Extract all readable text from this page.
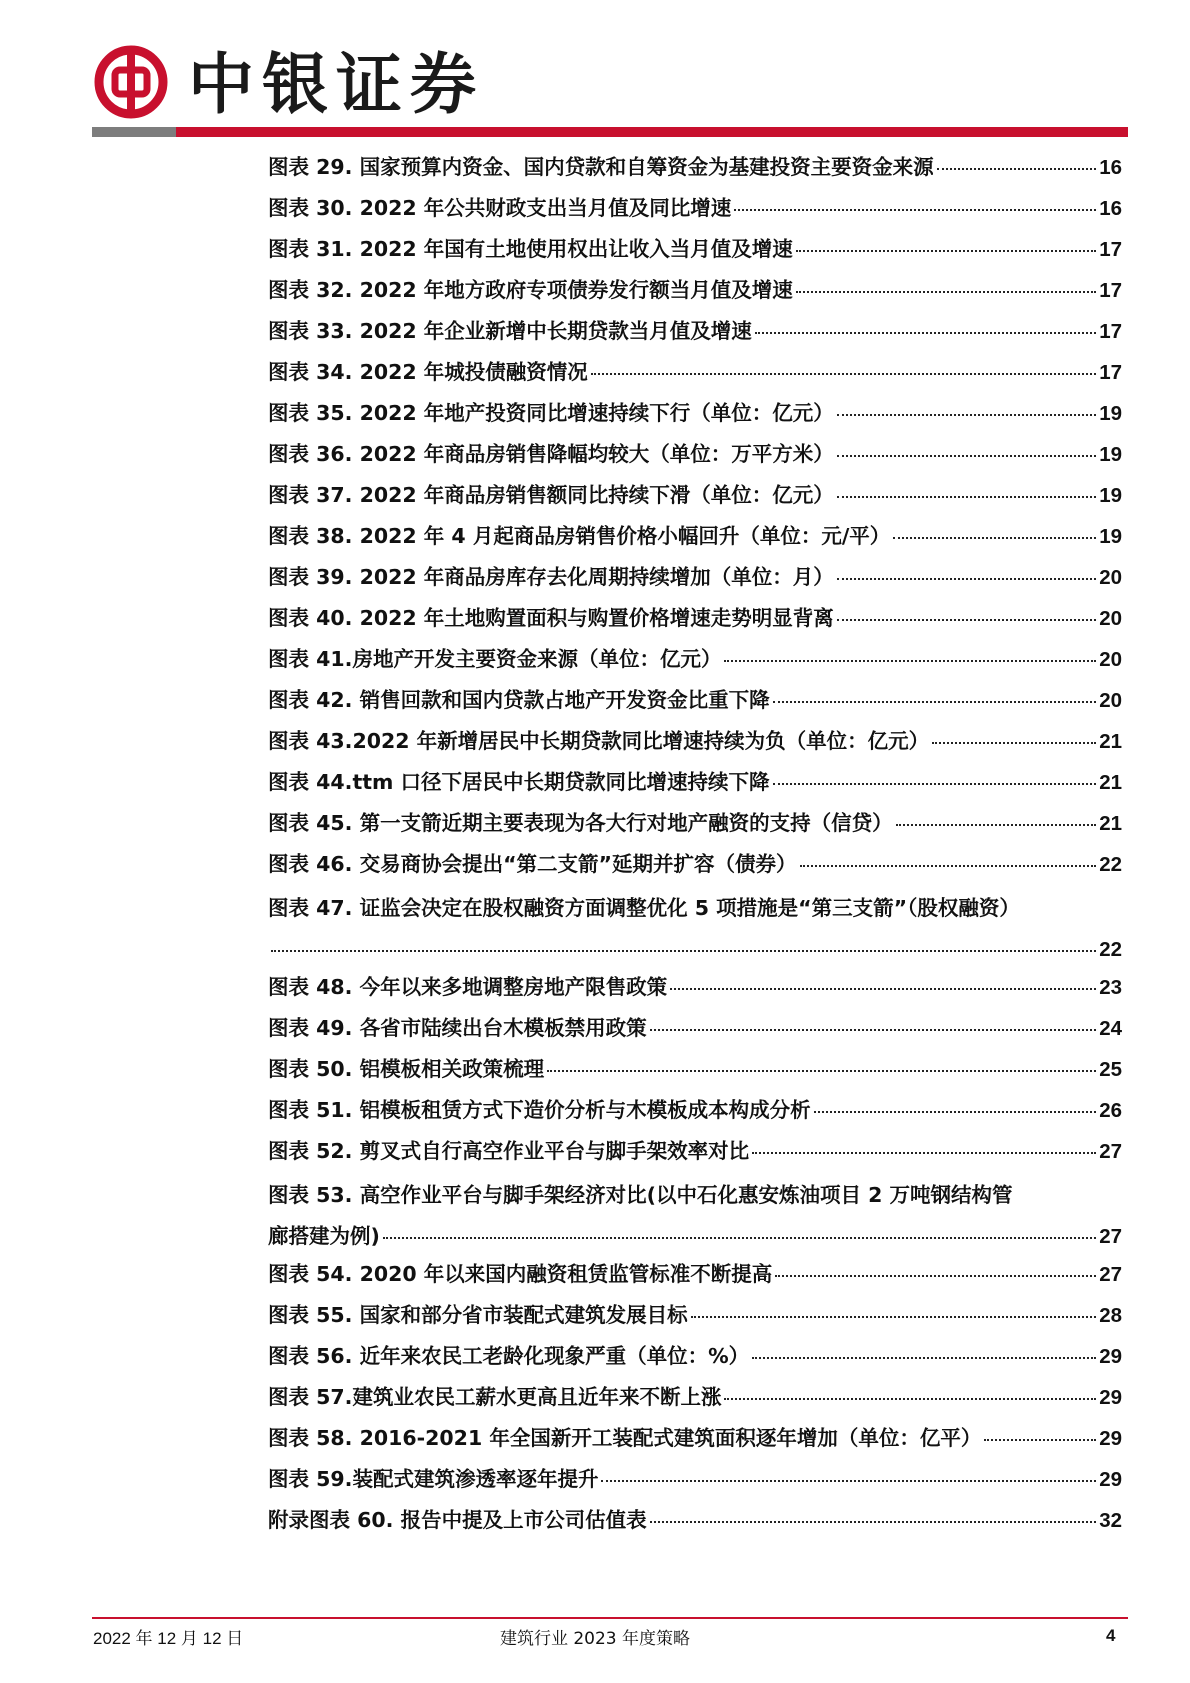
中银证券
图表 29. 国家预算内资金、国内贷款和自筹资金为基建投资主要资金来源	16
图表 30. 2022 年公共财政支出当月值及同比增速	16
图表 31. 2022 年国有土地使用权出让收入当月值及增速	17
图表 32. 2022 年地方政府专项债券发行额当月值及增速	17
图表 33. 2022 年企业新增中长期贷款当月值及增速	17
图表 34. 2022 年城投债融资情况	17
图表 35. 2022 年地产投资同比增速持续下行（单位：亿元）	19
图表 36. 2022 年商品房销售降幅均较大（单位：万平方米）	19
图表 37. 2022 年商品房销售额同比持续下滑（单位：亿元）	19
图表 38. 2022 年 4 月起商品房销售价格小幅回升（单位：元/平）	19
图表 39. 2022 年商品房库存去化周期持续增加（单位：月）	20
图表 40. 2022 年土地购置面积与购置价格增速走势明显背离	20
图表 41.房地产开发主要资金来源（单位：亿元）	20
图表 42. 销售回款和国内贷款占地产开发资金比重下降	20
图表 43.2022 年新增居民中长期贷款同比增速持续为负（单位：亿元）	21
图表 44.ttm 口径下居民中长期贷款同比增速持续下降	21
图表 45. 第一支箭近期主要表现为各大行对地产融资的支持（信贷）	21
图表 46. 交易商协会提出“第二支箭”延期并扩容（债券）	22
图表 47. 证监会决定在股权融资方面调整优化 5 项措施是“第三支箭”（股权融资）
22
图表 48. 今年以来多地调整房地产限售政策	23
图表 49. 各省市陆续出台木模板禁用政策	24
图表 50. 铝模板相关政策梳理	25
图表 51. 铝模板租赁方式下造价分析与木模板成本构成分析	26
图表 52. 剪叉式自行高空作业平台与脚手架效率对比	27
图表 53. 高空作业平台与脚手架经济对比(以中石化惠安炼油项目 2 万吨钢结构管
廊搭建为例)	27
图表 54. 2020 年以来国内融资租赁监管标准不断提高	27
图表 55. 国家和部分省市装配式建筑发展目标	28
图表 56. 近年来农民工老龄化现象严重（单位：%）	29
图表 57.建筑业农民工薪水更高且近年来不断上涨	29
图表 58. 2016-2021 年全国新开工装配式建筑面积逐年增加（单位：亿平）	29
图表 59.装配式建筑渗透率逐年提升	29
附录图表 60. 报告中提及上市公司估值表	32
2022 年 12 月 12 日	建筑行业 2023 年度策略	4
